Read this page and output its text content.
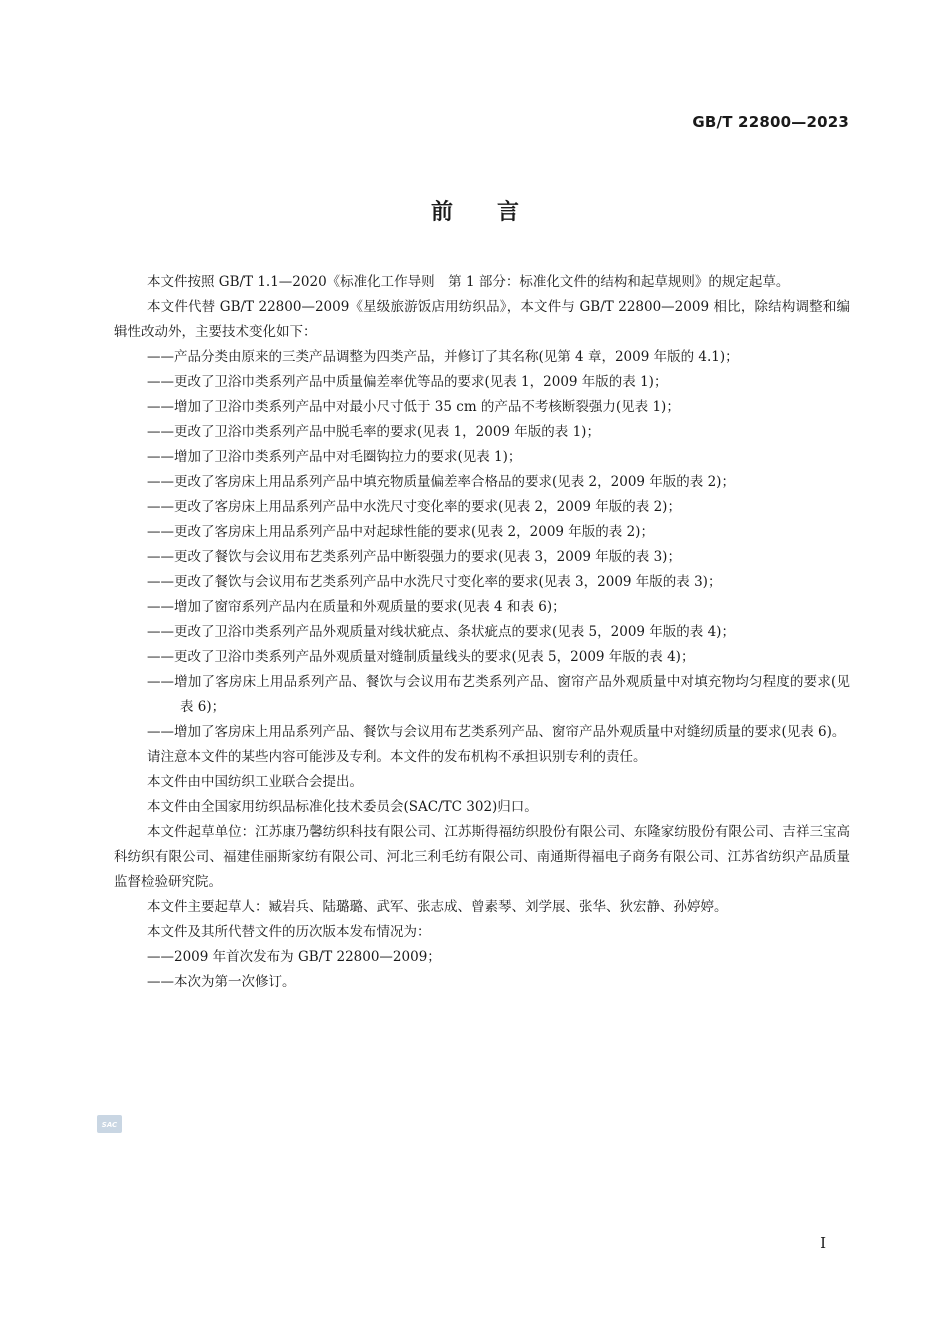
GB/T 22800—2023
前言

本文件按照 GB/T 1.1—2020《标准化工作导则　第 1 部分：标准化文件的结构和起草规则》的规定起草。

本文件代替 GB/T 22800—2009《星级旅游饭店用纺织品》，本文件与 GB/T 22800—2009 相比，除结构调整和编辑性改动外，主要技术变化如下：

——产品分类由原来的三类产品调整为四类产品，并修订了其名称(见第 4 章，2009 年版的 4.1)；

——更改了卫浴巾类系列产品中质量偏差率优等品的要求(见表 1，2009 年版的表 1)；

——增加了卫浴巾类系列产品中对最小尺寸低于 35 cm 的产品不考核断裂强力(见表 1)；

——更改了卫浴巾类系列产品中脱毛率的要求(见表 1，2009 年版的表 1)；

——增加了卫浴巾类系列产品中对毛圈钩拉力的要求(见表 1)；

——更改了客房床上用品系列产品中填充物质量偏差率合格品的要求(见表 2，2009 年版的表 2)；

——更改了客房床上用品系列产品中水洗尺寸变化率的要求(见表 2，2009 年版的表 2)；

——更改了客房床上用品系列产品中对起球性能的要求(见表 2，2009 年版的表 2)；

——更改了餐饮与会议用布艺类系列产品中断裂强力的要求(见表 3，2009 年版的表 3)；

——更改了餐饮与会议用布艺类系列产品中水洗尺寸变化率的要求(见表 3，2009 年版的表 3)；

——增加了窗帘系列产品内在质量和外观质量的要求(见表 4 和表 6)；

——更改了卫浴巾类系列产品外观质量对线状疵点、条状疵点的要求(见表 5，2009 年版的表 4)；

——更改了卫浴巾类系列产品外观质量对缝制质量线头的要求(见表 5，2009 年版的表 4)；

——增加了客房床上用品系列产品、餐饮与会议用布艺类系列产品、窗帘产品外观质量中对填充物均匀程度的要求(见表 6)；

——增加了客房床上用品系列产品、餐饮与会议用布艺类系列产品、窗帘产品外观质量中对缝纫质量的要求(见表 6)。

请注意本文件的某些内容可能涉及专利。本文件的发布机构不承担识别专利的责任。

本文件由中国纺织工业联合会提出。

本文件由全国家用纺织品标准化技术委员会(SAC/TC 302)归口。

本文件起草单位：江苏康乃馨纺织科技有限公司、江苏斯得福纺织股份有限公司、东隆家纺股份有限公司、吉祥三宝高科纺织有限公司、福建佳丽斯家纺有限公司、河北三利毛纺有限公司、南通斯得福电子商务有限公司、江苏省纺织产品质量监督检验研究院。

本文件主要起草人：臧岩兵、陆璐璐、武军、张志成、曾素琴、刘学展、张华、狄宏静、孙婷婷。

本文件及其所代替文件的历次版本发布情况为：

——2009 年首次发布为 GB/T 22800—2009；

——本次为第一次修订。

SAC
Ⅰ
